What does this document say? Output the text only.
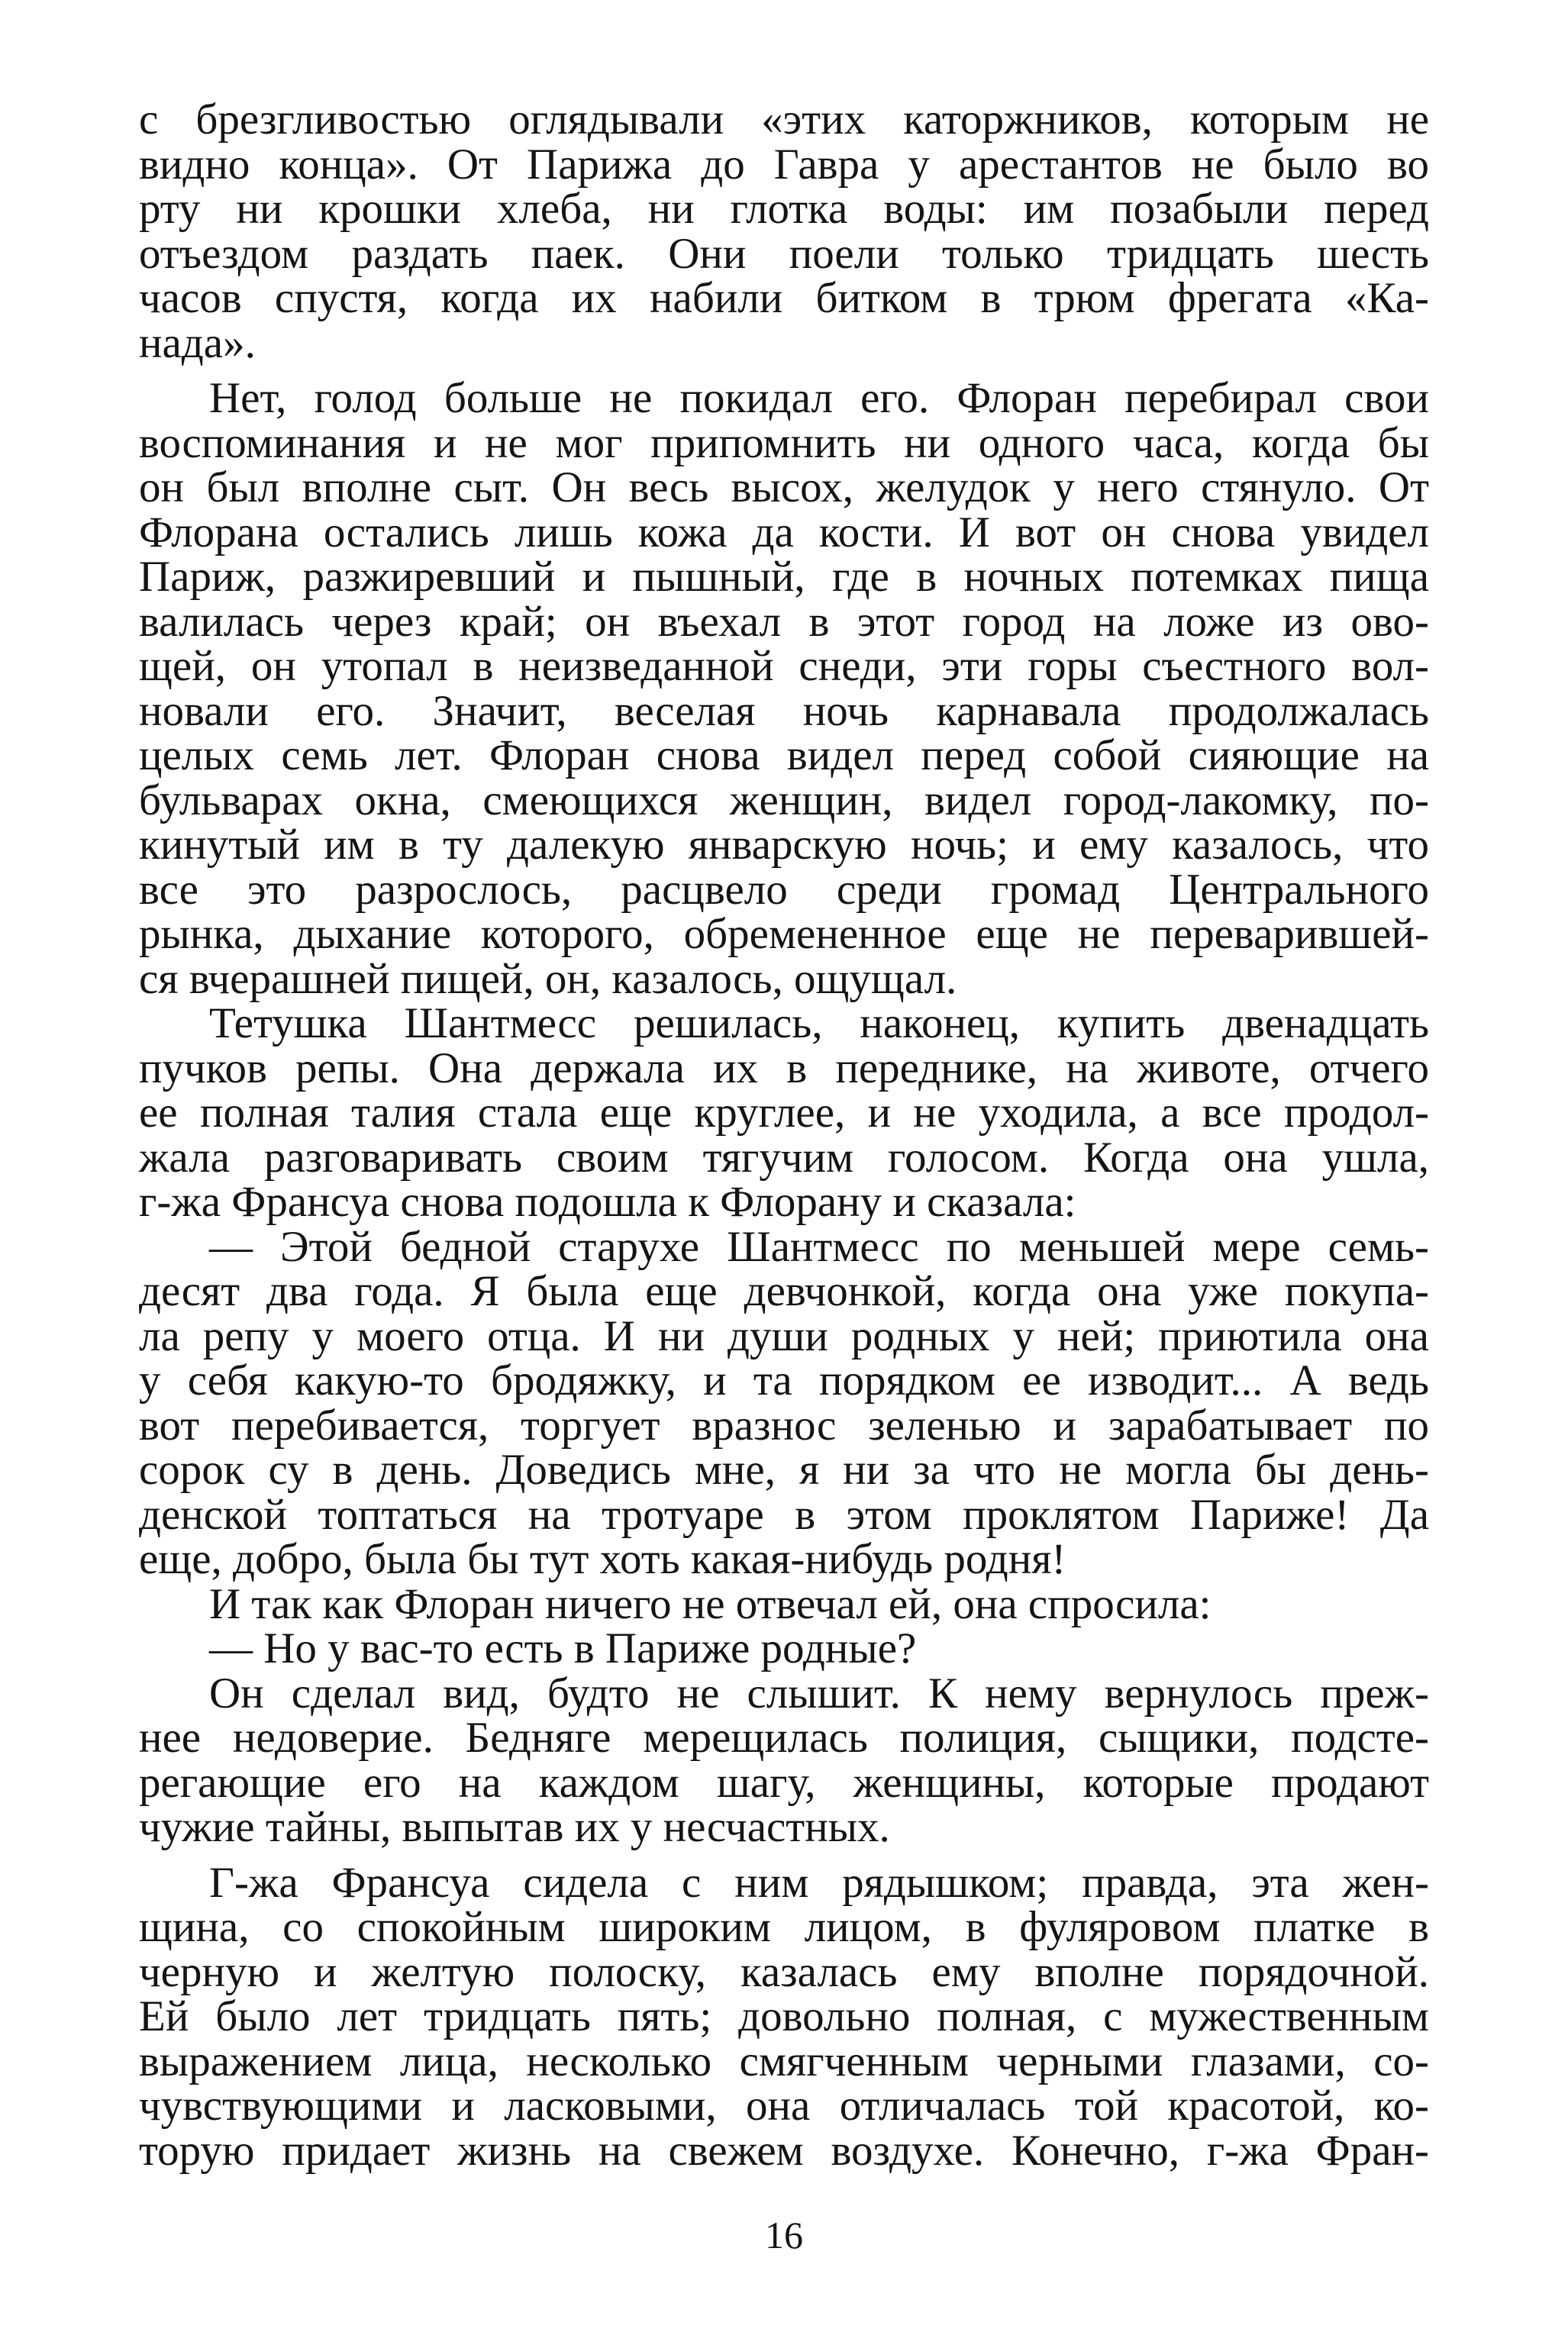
с брезгливостью оглядывали «этих каторжников, которым не
видно конца». От Парижа до Гавра у арестантов не было во
рту ни крошки хлеба, ни глотка воды: им позабыли перед
отъездом раздать паек. Они поели только тридцать шесть
часов спустя, когда их набили битком в трюм фрегата «Ка-
нада».
Нет, голод больше не покидал его. Флоран перебирал свои
воспоминания и не мог припомнить ни одного часа, когда бы
он был вполне сыт. Он весь высох, желудок у него стянуло. От
Флорана остались лишь кожа да кости. И вот он снова увидел
Париж, разжиревший и пышный, где в ночных потемках пища
валилась через край; он въехал в этот город на ложе из ово-
щей, он утопал в неизведанной снеди, эти горы съестного вол-
новали его. Значит, веселая ночь карнавала продолжалась
целых семь лет. Флоран снова видел перед собой сияющие на
бульварах окна, смеющихся женщин, видел город-лакомку, по-
кинутый им в ту далекую январскую ночь; и ему казалось, что
все это разрослось, расцвело среди громад Центрального
рынка, дыхание которого, обремененное еще не переварившей-
ся вчерашней пищей, он, казалось, ощущал.
Тетушка Шантмесс решилась, наконец, купить двенадцать
пучков репы. Она держала их в переднике, на животе, отчего
ее полная талия стала еще круглее, и не уходила, а все продол-
жала разговаривать своим тягучим голосом. Когда она ушла,
г-жа Франсуа снова подошла к Флорану и сказала:
— Этой бедной старухе Шантмесс по меньшей мере семь-
десят два года. Я была еще девчонкой, когда она уже покупа-
ла репу у моего отца. И ни души родных у ней; приютила она
у себя какую-то бродяжку, и та порядком ее изводит... А ведь
вот перебивается, торгует вразнос зеленью и зарабатывает по
сорок су в день. Доведись мне, я ни за что не могла бы день-
денской топтаться на тротуаре в этом проклятом Париже! Да
еще, добро, была бы тут хоть какая-нибудь родня!
И так как Флоран ничего не отвечал ей, она спросила:
— Но у вас-то есть в Париже родные?
Он сделал вид, будто не слышит. К нему вернулось преж-
нее недоверие. Бедняге мерещилась полиция, сыщики, подсте-
регающие его на каждом шагу, женщины, которые продают
чужие тайны, выпытав их у несчастных.
Г-жа Франсуа сидела с ним рядышком; правда, эта жен-
щина, со спокойным широким лицом, в фуляровом платке в
черную и желтую полоску, казалась ему вполне порядочной.
Ей было лет тридцать пять; довольно полная, с мужественным
выражением лица, несколько смягченным черными глазами, со-
чувствующими и ласковыми, она отличалась той красотой, ко-
торую придает жизнь на свежем воздухе. Конечно, г-жа Фран-
16
